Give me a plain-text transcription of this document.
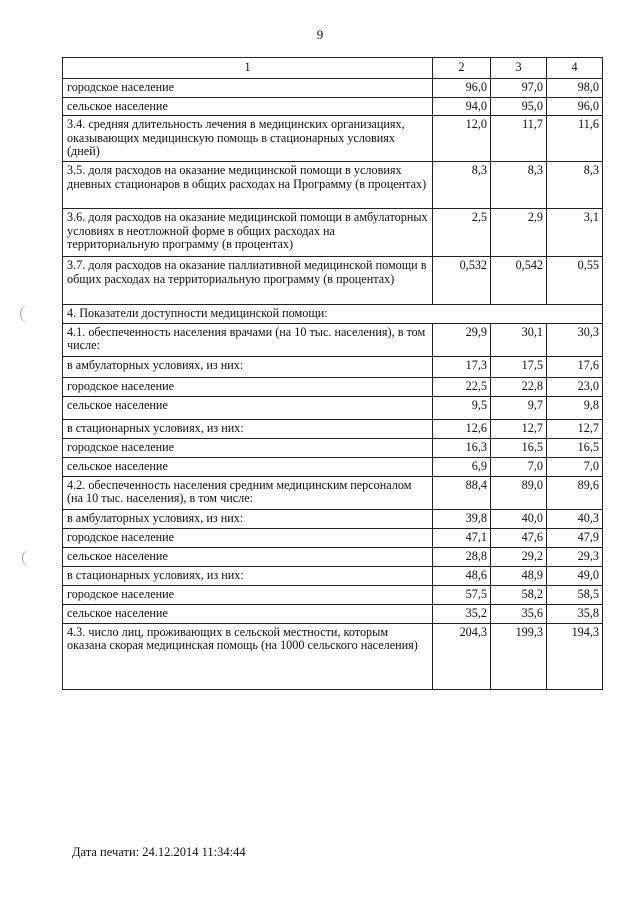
9
1	2	3	4
городское население	96,0	97,0	98,0
сельское население	94,0	95,0	96,0
3.4. средняя длительность лечения в медицинских организациях, оказывающих медицинскую помощь в стационарных условиях (дней)	12,0	11,7	11,6
3.5. доля расходов на оказание медицинской помощи в условиях дневных стационаров в общих расходах на Программу (в процентах)	8,3	8,3	8,3
3.6. доля расходов на оказание медицинской помощи в амбулаторных условиях в неотложной форме в общих расходах на территориальную программу (в процентах)	2,5	2,9	3,1
3.7. доля расходов на оказание паллиативной медицинской помощи в общих расходах на территориальную программу (в процентах)	0,532	0,542	0,55
4. Показатели доступности медицинской помощи:			
4.1. обеспеченность населения врачами (на 10 тыс. населения), в том числе:	29,9	30,1	30,3
в амбулаторных условиях, из них:	17,3	17,5	17,6
городское население	22,5	22,8	23,0
сельское население	9,5	9,7	9,8
в стационарных условиях, из них:	12,6	12,7	12,7
городское население	16,3	16,5	16,5
сельское население	6,9	7,0	7,0
4.2. обеспеченность населения средним медицинским персоналом (на 10 тыс. населения), в том числе:	88,4	89,0	89,6
в амбулаторных условиях, из них:	39,8	40,0	40,3
городское население	47,1	47,6	47,9
сельское население	28,8	29,2	29,3
в стационарных условиях, из них:	48,6	48,9	49,0
городское население	57,5	58,2	58,5
сельское население	35,2	35,6	35,8
4.3. число лиц, проживающих в сельской местности, которым оказана скорая медицинская помощь (на 1000 сельского населения)	204,3	199,3	194,3
Дата печати: 24.12.2014 11:34:44
